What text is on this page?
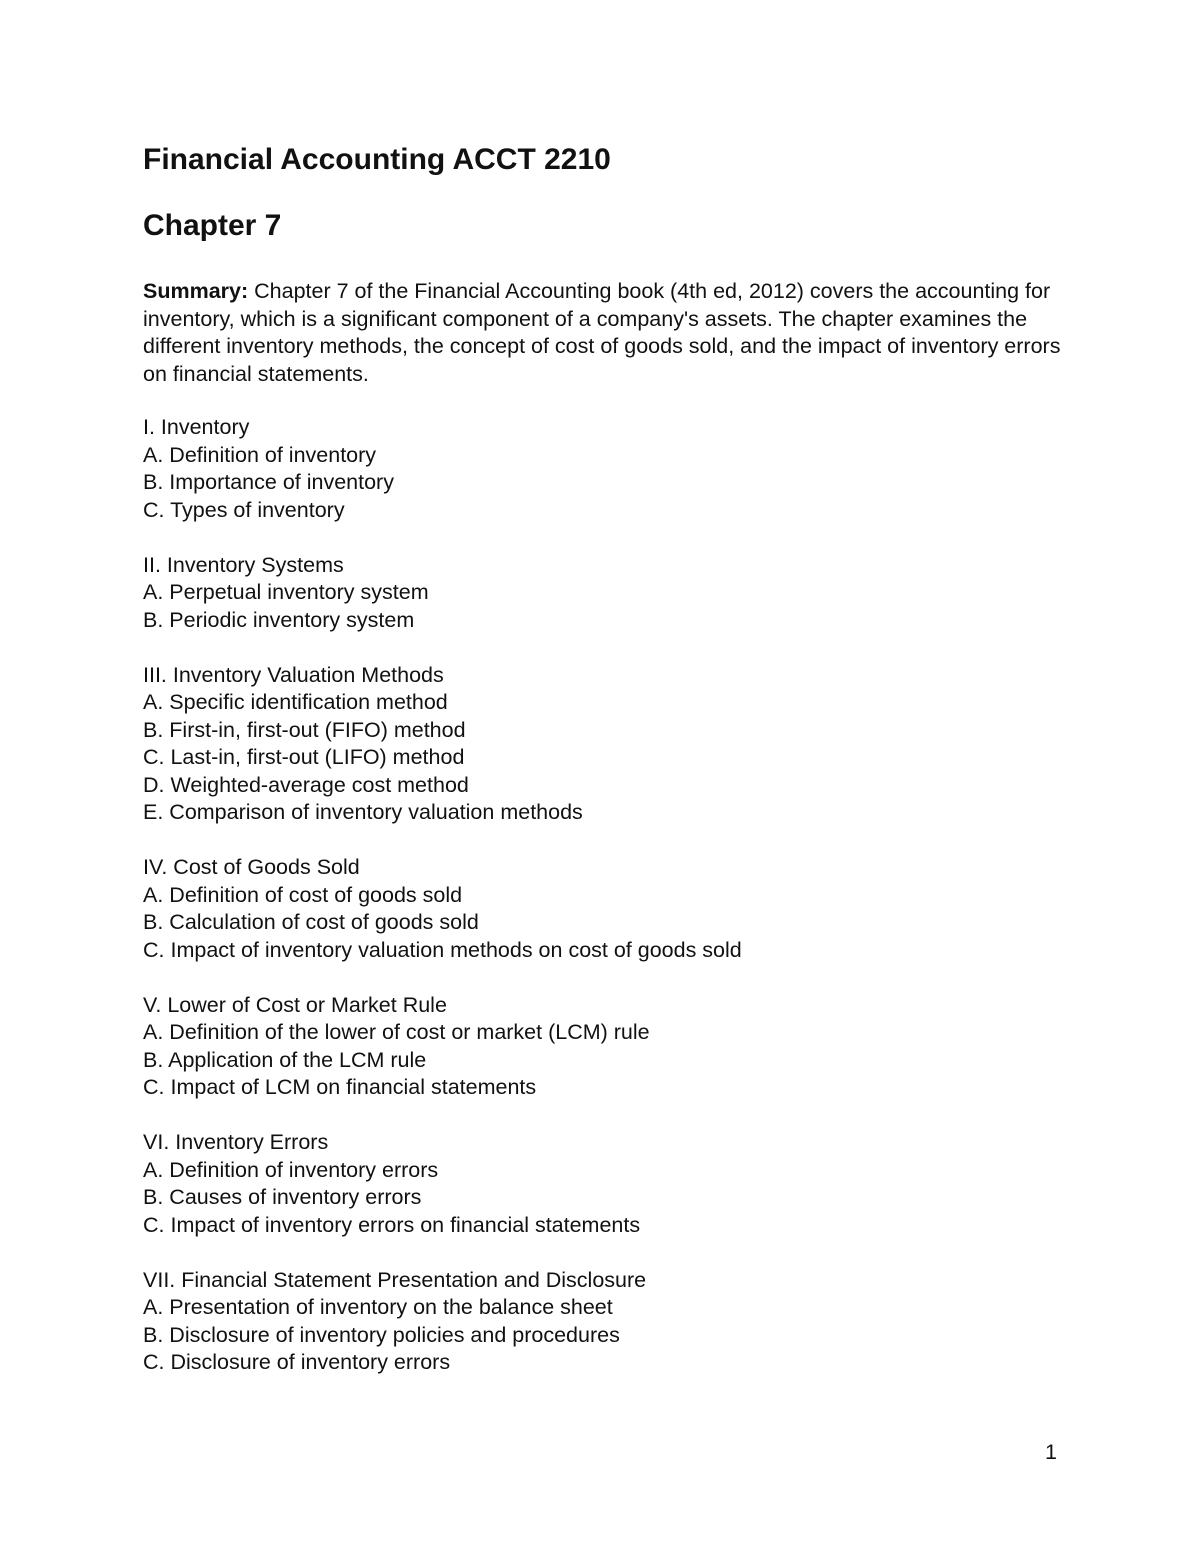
Financial Accounting ACCT 2210
Chapter 7

Summary: Chapter 7 of the Financial Accounting book (4th ed, 2012) covers the accounting for inventory, which is a significant component of a company's assets. The chapter examines the different inventory methods, the concept of cost of goods sold, and the impact of inventory errors on financial statements.

I. Inventory

A. Definition of inventory

B. Importance of inventory

C. Types of inventory

II. Inventory Systems

A. Perpetual inventory system

B. Periodic inventory system

III. Inventory Valuation Methods

A. Specific identification method

B. First-in, first-out (FIFO) method

C. Last-in, first-out (LIFO) method

D. Weighted-average cost method

E. Comparison of inventory valuation methods

IV. Cost of Goods Sold

A. Definition of cost of goods sold

B. Calculation of cost of goods sold

C. Impact of inventory valuation methods on cost of goods sold

V. Lower of Cost or Market Rule

A. Definition of the lower of cost or market (LCM) rule

B. Application of the LCM rule

C. Impact of LCM on financial statements

VI. Inventory Errors

A. Definition of inventory errors

B. Causes of inventory errors

C. Impact of inventory errors on financial statements

VII. Financial Statement Presentation and Disclosure

A. Presentation of inventory on the balance sheet

B. Disclosure of inventory policies and procedures

C. Disclosure of inventory errors

1
